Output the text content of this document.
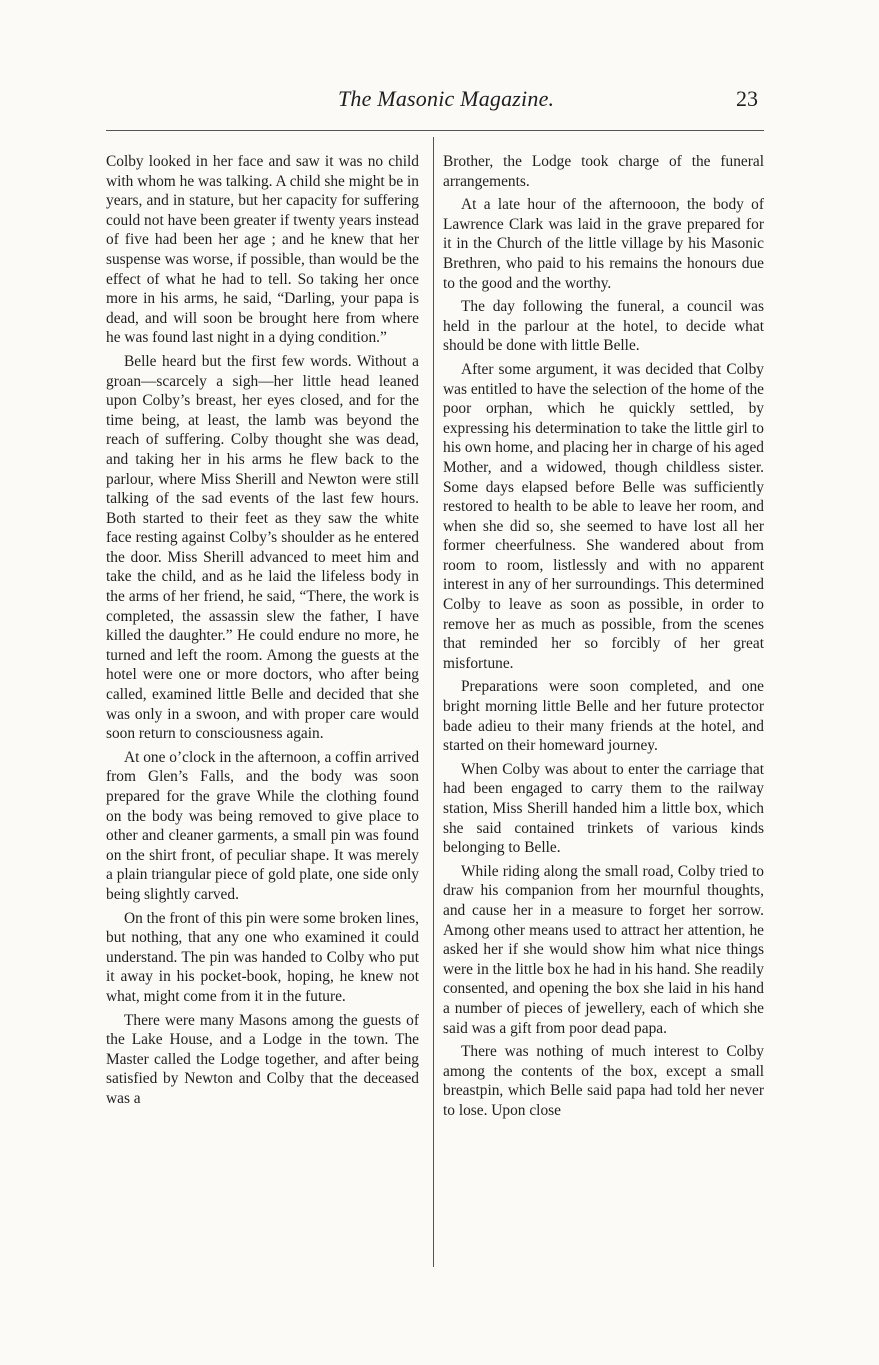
The Masonic Magazine.	23

Colby looked in her face and saw it was no child with whom he was talking. A child she might be in years, and in stature, but her capacity for suffering could not have been greater if twenty years instead of five had been her age ; and he knew that her suspense was worse, if possible, than would be the effect of what he had to tell. So taking her once more in his arms, he said, “Darling, your papa is dead, and will soon be brought here from where he was found last night in a dying condition.”

Belle heard but the first few words. Without a groan—scarcely a sigh—her little head leaned upon Colby’s breast, her eyes closed, and for the time being, at least, the lamb was beyond the reach of suffering. Colby thought she was dead, and taking her in his arms he flew back to the parlour, where Miss Sherill and Newton were still talking of the sad events of the last few hours. Both started to their feet as they saw the white face resting against Colby’s shoulder as he entered the door. Miss Sherill advanced to meet him and take the child, and as he laid the lifeless body in the arms of her friend, he said, “There, the work is completed, the assassin slew the father, I have killed the daughter.” He could endure no more, he turned and left the room. Among the guests at the hotel were one or more doctors, who after being called, examined little Belle and decided that she was only in a swoon, and with proper care would soon return to consciousness again.

At one o’clock in the afternoon, a coffin arrived from Glen’s Falls, and the body was soon prepared for the grave While the clothing found on the body was being removed to give place to other and cleaner garments, a small pin was found on the shirt front, of peculiar shape. It was merely a plain triangular piece of gold plate, one side only being slightly carved.

On the front of this pin were some broken lines, but nothing, that any one who examined it could understand. The pin was handed to Colby who put it away in his pocket-book, hoping, he knew not what, might come from it in the future.

There were many Masons among the guests of the Lake House, and a Lodge in the town. The Master called the Lodge together, and after being satisfied by Newton and Colby that the deceased was a

Brother, the Lodge took charge of the funeral arrangements.

At a late hour of the afternooon, the body of Lawrence Clark was laid in the grave prepared for it in the Church of the little village by his Masonic Brethren, who paid to his remains the honours due to the good and the worthy.

The day following the funeral, a council was held in the parlour at the hotel, to decide what should be done with little Belle.

After some argument, it was decided that Colby was entitled to have the selection of the home of the poor orphan, which he quickly settled, by expressing his determination to take the little girl to his own home, and placing her in charge of his aged Mother, and a widowed, though childless sister. Some days elapsed before Belle was sufficiently restored to health to be able to leave her room, and when she did so, she seemed to have lost all her former cheerfulness. She wandered about from room to room, listlessly and with no apparent interest in any of her surroundings. This determined Colby to leave as soon as possible, in order to remove her as much as possible, from the scenes that reminded her so forcibly of her great misfortune.

Preparations were soon completed, and one bright morning little Belle and her future protector bade adieu to their many friends at the hotel, and started on their homeward journey.

When Colby was about to enter the carriage that had been engaged to carry them to the railway station, Miss Sherill handed him a little box, which she said contained trinkets of various kinds belonging to Belle.

While riding along the small road, Colby tried to draw his companion from her mournful thoughts, and cause her in a measure to forget her sorrow. Among other means used to attract her attention, he asked her if she would show him what nice things were in the little box he had in his hand. She readily consented, and opening the box she laid in his hand a number of pieces of jewellery, each of which she said was a gift from poor dead papa.

There was nothing of much interest to Colby among the contents of the box, except a small breastpin, which Belle said papa had told her never to lose. Upon close
